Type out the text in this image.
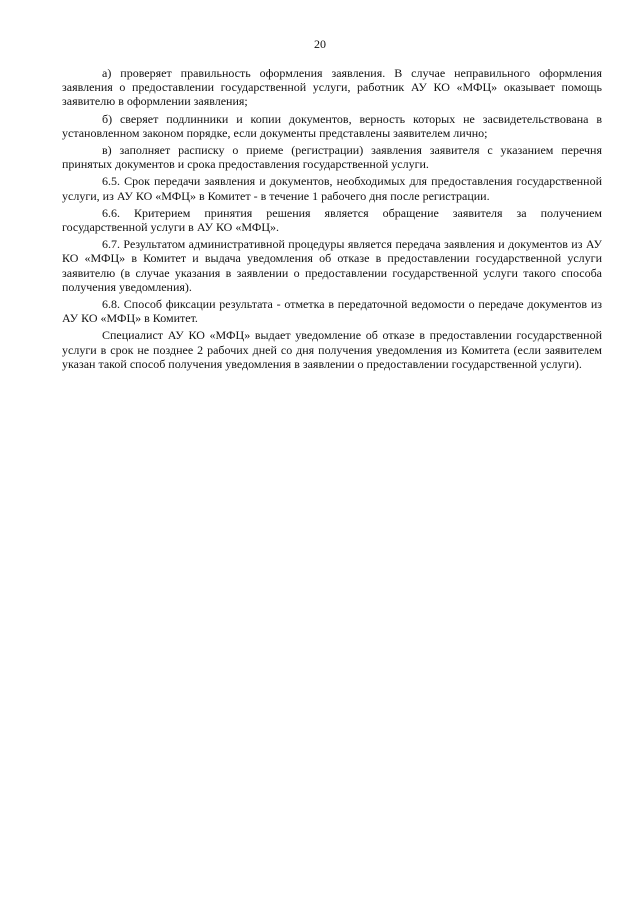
20

а) проверяет правильность оформления заявления. В случае неправильного оформления заявления о предоставлении государственной услуги, работник АУ КО «МФЦ» оказывает помощь заявителю в оформлении заявления;

б) сверяет подлинники и копии документов, верность которых не засвидетельствована в установленном законом порядке, если документы представлены заявителем лично;

в) заполняет расписку о приеме (регистрации) заявления заявителя с указанием перечня принятых документов и срока предоставления государственной услуги.

6.5. Срок передачи заявления и документов, необходимых для предоставления государственной услуги, из АУ КО «МФЦ» в Комитет - в течение 1 рабочего дня после регистрации.

6.6. Критерием принятия решения является обращение заявителя за получением государственной услуги в АУ КО «МФЦ».

6.7. Результатом административной процедуры является передача заявления и документов из АУ КО «МФЦ» в Комитет и выдача уведомления об отказе в предоставлении государственной услуги заявителю (в случае указания в заявлении о предоставлении государственной услуги такого способа получения уведомления).

6.8. Способ фиксации результата - отметка в передаточной ведомости о передаче документов из АУ КО «МФЦ» в Комитет.

Специалист АУ КО «МФЦ» выдает уведомление об отказе в предоставлении государственной услуги в срок не позднее 2 рабочих дней со дня получения уведомления из Комитета (если заявителем указан такой способ получения уведомления в заявлении о предоставлении государственной услуги).
